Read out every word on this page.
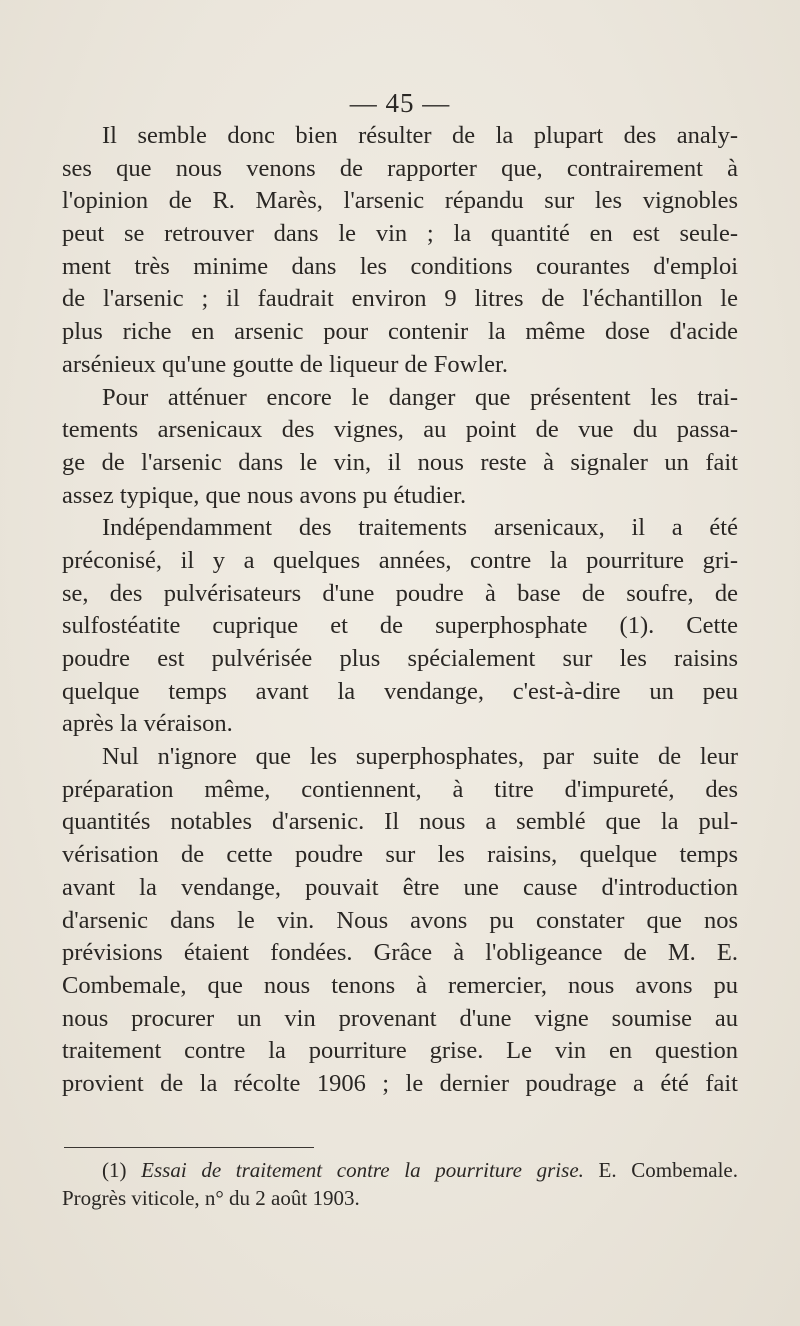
— 45 —
Il semble donc bien résulter de la plupart des analy-
ses que nous venons de rapporter que, contrairement à
l'opinion de R. Marès, l'arsenic répandu sur les vignobles
peut se retrouver dans le vin ; la quantité en est seule-
ment très minime dans les conditions courantes d'emploi
de l'arsenic ; il faudrait environ 9 litres de l'échantillon le
plus riche en arsenic pour contenir la même dose d'acide
arsénieux qu'une goutte de liqueur de Fowler.
Pour atténuer encore le danger que présentent les trai-
tements arsenicaux des vignes, au point de vue du passa-
ge de l'arsenic dans le vin, il nous reste à signaler un fait
assez typique, que nous avons pu étudier.
Indépendamment des traitements arsenicaux, il a été
préconisé, il y a quelques années, contre la pourriture gri-
se, des pulvérisateurs d'une poudre à base de soufre, de
sulfostéatite cuprique et de superphosphate (1). Cette
poudre est pulvérisée plus spécialement sur les raisins
quelque temps avant la vendange, c'est-à-dire un peu
après la véraison.
Nul n'ignore que les superphosphates, par suite de leur
préparation même, contiennent, à titre d'impureté, des
quantités notables d'arsenic. Il nous a semblé que la pul-
vérisation de cette poudre sur les raisins, quelque temps
avant la vendange, pouvait être une cause d'introduction
d'arsenic dans le vin. Nous avons pu constater que nos
prévisions étaient fondées. Grâce à l'obligeance de M. E.
Combemale, que nous tenons à remercier, nous avons pu
nous procurer un vin provenant d'une vigne soumise au
traitement contre la pourriture grise. Le vin en question
provient de la récolte 1906 ; le dernier poudrage a été fait
(1) Essai de traitement contre la pourriture grise. E. Combemale.
Progrès viticole, n° du 2 août 1903.
